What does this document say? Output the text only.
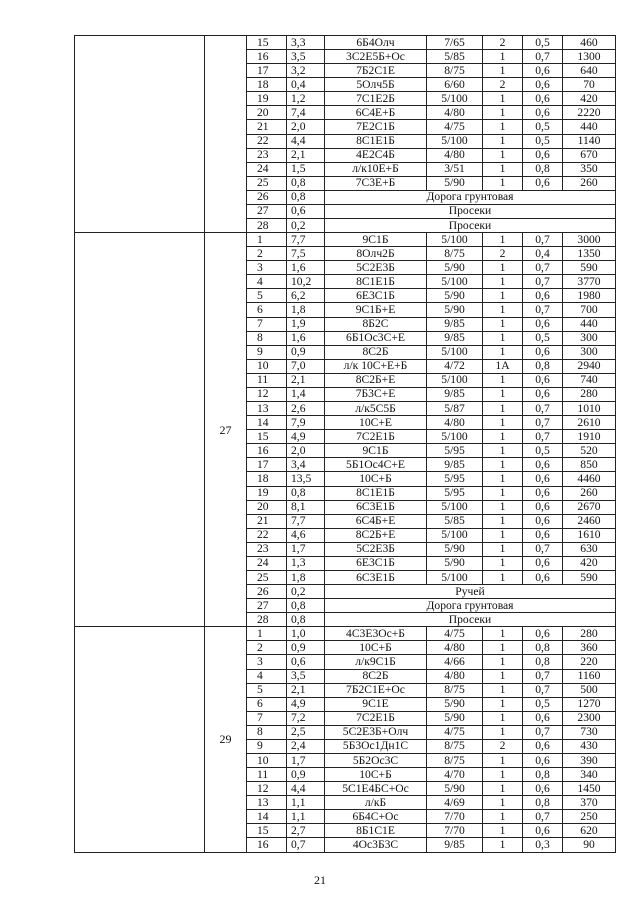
		15	3,3	6Б4Олч	7/65	2	0,5	460
		16	3,5	3С2Е5Б+Ос	5/85	1	0,7	1300
		17	3,2	7Б2С1Е	8/75	1	0,6	640
		18	0,4	5Олч5Б	6/60	2	0,6	70
		19	1,2	7С1Е2Б	5/100	1	0,6	420
		20	7,4	6С4Е+Б	4/80	1	0,6	2220
		21	2,0	7Е2С1Б	4/75	1	0,5	440
		22	4,4	8С1Е1Б	5/100	1	0,5	1140
		23	2,1	4Е2С4Б	4/80	1	0,6	670
		24	1,5	л/к10Е+Б	3/51	1	0,8	350
		25	0,8	7С3Е+Б	5/90	1	0,6	260
		26	0,8	Дорога грунтовая				
		27	0,6	Просеки				
		28	0,2	Просеки				
	27	1	7,7	9С1Б	5/100	1	0,7	3000
		2	7,5	8Олч2Б	8/75	2	0,4	1350
		3	1,6	5С2Е3Б	5/90	1	0,7	590
		4	10,2	8С1Е1Б	5/100	1	0,7	3770
		5	6,2	6Е3С1Б	5/90	1	0,6	1980
		6	1,8	9С1Б+Е	5/90	1	0,7	700
		7	1,9	8Б2С	9/85	1	0,6	440
		8	1,6	6Б1Ос3С+Е	9/85	1	0,5	300
		9	0,9	8С2Б	5/100	1	0,6	300
		10	7,0	л/к 10С+Е+Б	4/72	1А	0,8	2940
		11	2,1	8С2Б+Е	5/100	1	0,6	740
		12	1,4	7Б3С+Е	9/85	1	0,6	280
		13	2,6	л/к5С5Б	5/87	1	0,7	1010
		14	7,9	10С+Е	4/80	1	0,7	2610
		15	4,9	7С2Е1Б	5/100	1	0,7	1910
		16	2,0	9С1Б	5/95	1	0,5	520
		17	3,4	5Б1Ос4С+Е	9/85	1	0,6	850
		18	13,5	10С+Б	5/95	1	0,6	4460
		19	0,8	8С1Е1Б	5/95	1	0,6	260
		20	8,1	6С3Е1Б	5/100	1	0,6	2670
		21	7,7	6С4Б+Е	5/85	1	0,6	2460
		22	4,6	8С2Б+Е	5/100	1	0,6	1610
		23	1,7	5С2Е3Б	5/90	1	0,7	630
		24	1,3	6Е3С1Б	5/90	1	0,6	420
		25	1,8	6С3Е1Б	5/100	1	0,6	590
		26	0,2	Ручей				
		27	0,8	Дорога грунтовая				
		28	0,8	Просеки				
	29	1	1,0	4С3Е3Ос+Б	4/75	1	0,6	280
		2	0,9	10С+Б	4/80	1	0,8	360
		3	0,6	л/к9С1Б	4/66	1	0,8	220
		4	3,5	8С2Б	4/80	1	0,7	1160
		5	2,1	7Б2С1Е+Ос	8/75	1	0,7	500
		6	4,9	9С1Е	5/90	1	0,5	1270
		7	7,2	7С2Е1Б	5/90	1	0,6	2300
		8	2,5	5С2Е3Б+Олч	4/75	1	0,7	730
		9	2,4	5Б3Ос1Дн1С	8/75	2	0,6	430
		10	1,7	5Б2Ос3С	8/75	1	0,6	390
		11	0,9	10С+Б	4/70	1	0,8	340
		12	4,4	5С1Е4БС+Ос	5/90	1	0,6	1450
		13	1,1	л/кБ	4/69	1	0,8	370
		14	1,1	6Б4С+Ос	7/70	1	0,7	250
		15	2,7	8Б1С1Е	7/70	1	0,6	620
		16	0,7	4Ос3Б3С	9/85	1	0,3	90
21
